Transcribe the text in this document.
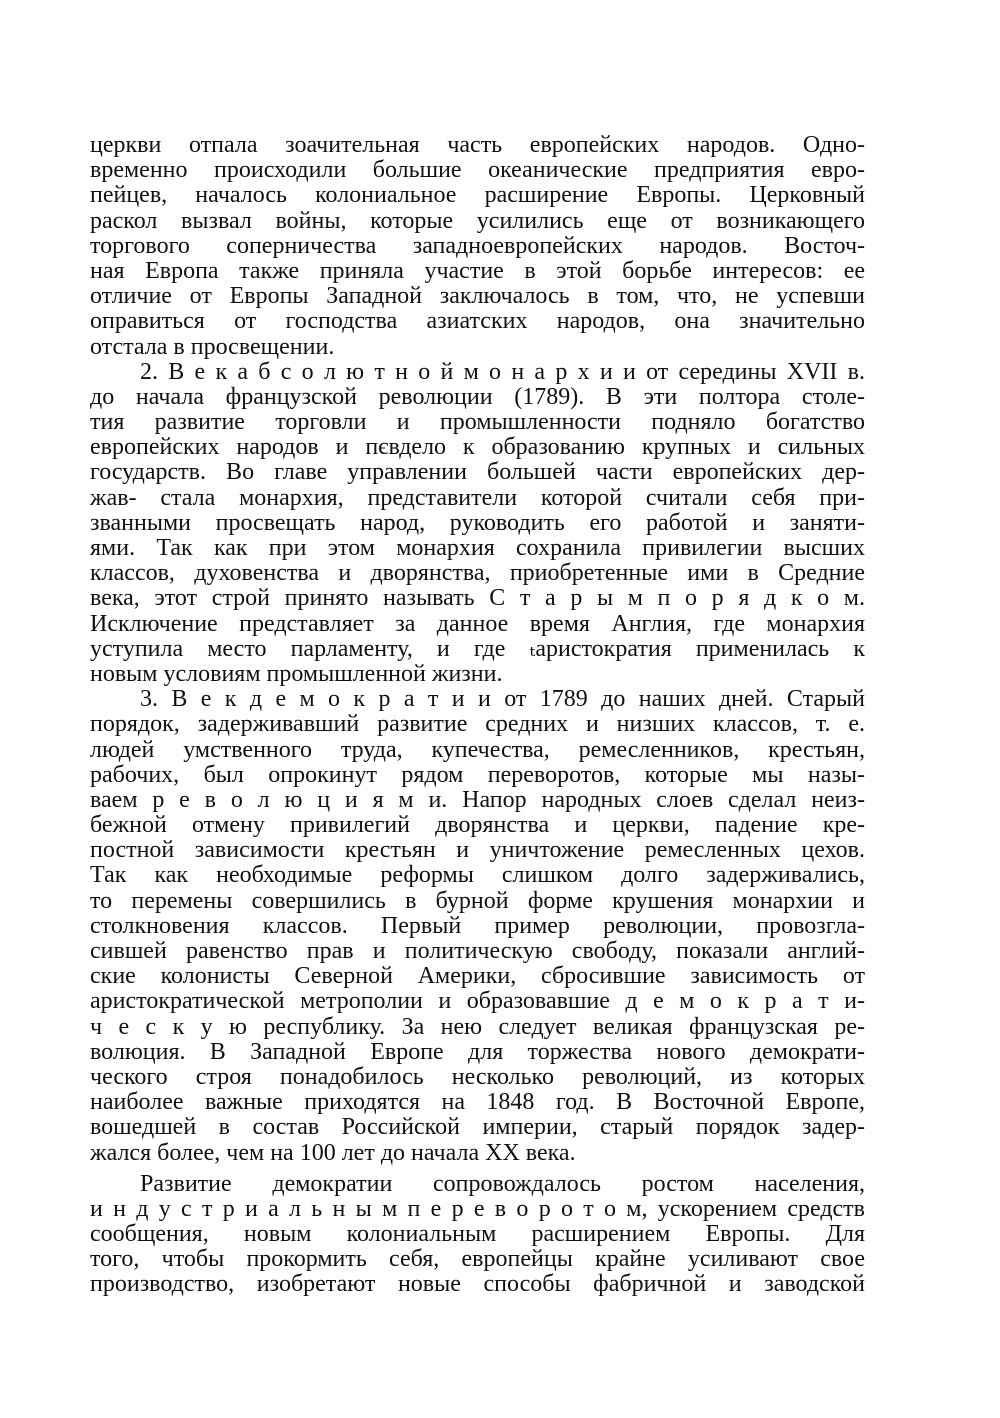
церкви отпала зоачительная часть европейских народов. Одно-
временно происходили большие океанические предприятия евро-
пейцев, началось колониальное расширение Европы. Церковный
раскол вызвал войны, которые усилились еще от возникающего
торгового соперничества западноевропейских народов. Восточ-
ная Европа также приняла участие в этой борьбе интересов: ее
отличие от Европы Западной заключалось в том, что, не успевши
оправиться от господства азиатских народов, она значительно
отстала в просвещении.
2. В е к а б с о л ю т н о й м о н а р х и и от середины XVII в.
до начала французской революции (1789). В эти полтора столе-
тия развитие торговли и промышленности подняло богатство
европейских народов и пєвдело к образованию крупных и сильных
государств. Во главе управлении большей части европейских дер-
жав- стала монархия, представители которой считали себя при-
званными просвещать народ, руководить его работой и заняти-
ями. Так как при этом монархия сохранила привилегии высших
классов, духовенства и дворянства, приобретенные ими в Средние
века, этот строй принято называть С т а р ы м п о р я д к о м.
Исключение представляет за данное время Англия, где монархия
уступила место парламенту, и где ₜаристократия применилась к
новым условиям промышленной жизни.
3. В е к д е м о к р а т и и от 1789 до наших дней. Старый
порядок, задерживавший развитие средних и низших классов, т. е.
людей умственного труда, купечества, ремесленников, крестьян,
рабочих, был опрокинут рядом переворотов, которые мы назы-
ваем р е в о л ю ц и я м и. Напор народных слоев сделал неиз-
бежной отмену привилегий дворянства и церкви, падение кре-
постной зависимости крестьян и уничтожение ремесленных цехов.
Так как необходимые реформы слишком долго задерживались,
то перемены совершились в бурной форме крушения монархии и
столкновения классов. Первый пример революции, провозгла-
сившей равенство прав и политическую свободу, показали англий-
ские колонисты Северной Америки, сбросившие зависимость от
аристократической метрополии и образовавшие д е м о к р а т и-
ч е с к у ю республику. За нею следует великая французская ре-
волюция. В Западной Европе для торжества нового демократи-
ческого строя понадобилось несколько революций, из которых
наиболее важные приходятся на 1848 год. В Восточной Европе,
вошедшей в состав Российской империи, старый порядок задер-
жался более, чем на 100 лет до начала XX века.
Развитие демократии сопровождалось ростом населения,
и н д у с т р и а л ь н ы м п е р е в о р о т о м, ускорением средств
сообщения, новым колониальным расширением Европы. Для
того, чтобы прокормить себя, европейцы крайне усиливают свое
производство, изобретают новые способы фабричной и заводской
